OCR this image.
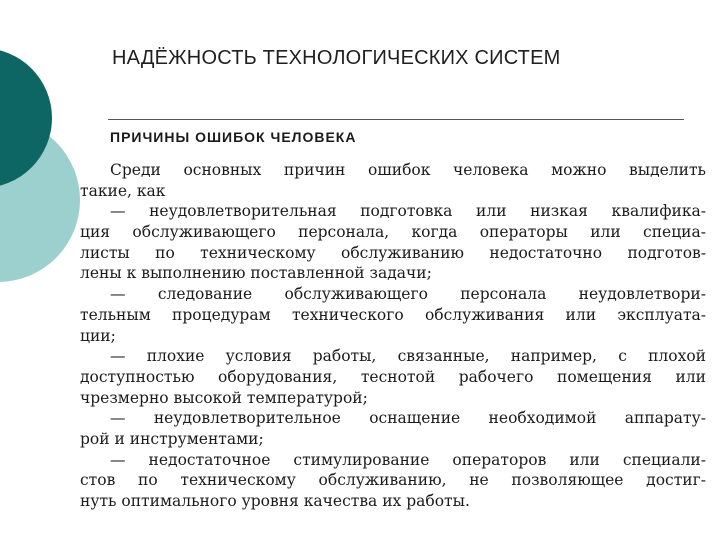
НАДЁЖНОСТЬ ТЕХНОЛОГИЧЕСКИХ СИСТЕМ
ПРИЧИНЫ ОШИБОК ЧЕЛОВЕКА
Среди основных причин ошибок человека можно выделить
такие, как
— неудовлетворительная подготовка или низкая квалифика-
ция обслуживающего персонала, когда операторы или специа-
листы по техническому обслуживанию недостаточно подготов-
лены к выполнению поставленной задачи;
— следование обслуживающего персонала неудовлетвори-
тельным процедурам технического обслуживания или эксплуата-
ции;
— плохие условия работы, связанные, например, с плохой
доступностью оборудования, теснотой рабочего помещения или
чрезмерно высокой температурой;
— неудовлетворительное оснащение необходимой аппарату-
рой и инструментами;
— недостаточное стимулирование операторов или специали-
стов по техническому обслуживанию, не позволяющее достиг-
нуть оптимального уровня качества их работы.
